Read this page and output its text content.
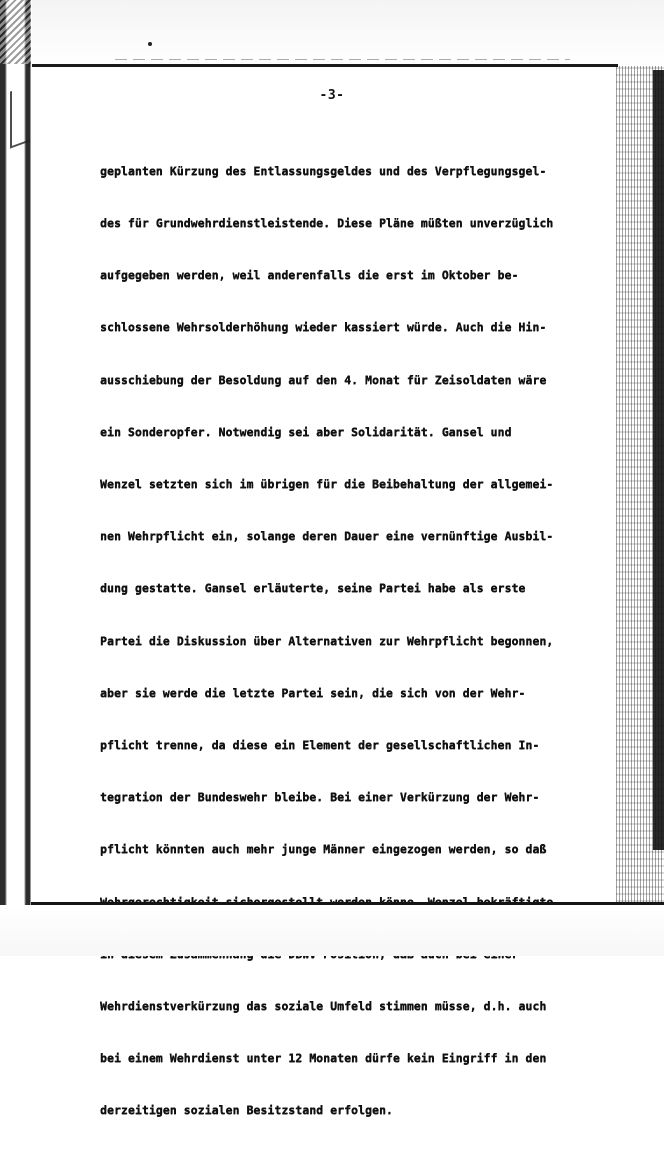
-3-

geplanten Kürzung des Entlassungsgeldes und des Verpflegungsgel-

des für Grundwehrdienstleistende. Diese Pläne müßten unverzüglich

aufgegeben werden, weil anderenfalls die erst im Oktober be-

schlossene Wehrsolderhöhung wieder kassiert würde. Auch die Hin-

ausschiebung der Besoldung auf den 4. Monat für Zeisoldaten wäre

ein Sonderopfer. Notwendig sei aber Solidarität. Gansel und

Wenzel setzten sich im übrigen für die Beibehaltung der allgemei-

nen Wehrpflicht ein, solange deren Dauer eine vernünftige Ausbil-

dung gestatte. Gansel erläuterte, seine Partei habe als erste

Partei die Diskussion über Alternativen zur Wehrpflicht begonnen,

aber sie werde die letzte Partei sein, die sich von der Wehr-

pflicht trenne, da diese ein Element der gesellschaftlichen In-

tegration der Bundeswehr bleibe. Bei einer Verkürzung der Wehr-

pflicht könnten auch mehr junge Männer eingezogen werden, so daß

Wehrdienstverkürzung das soziale Umfeld stimmen müsse, d.h. auch

bei einem Wehrdienst unter 12 Monaten dürfe kein Eingriff in den

derzeitigen sozialen Besitzstand erfolgen.
